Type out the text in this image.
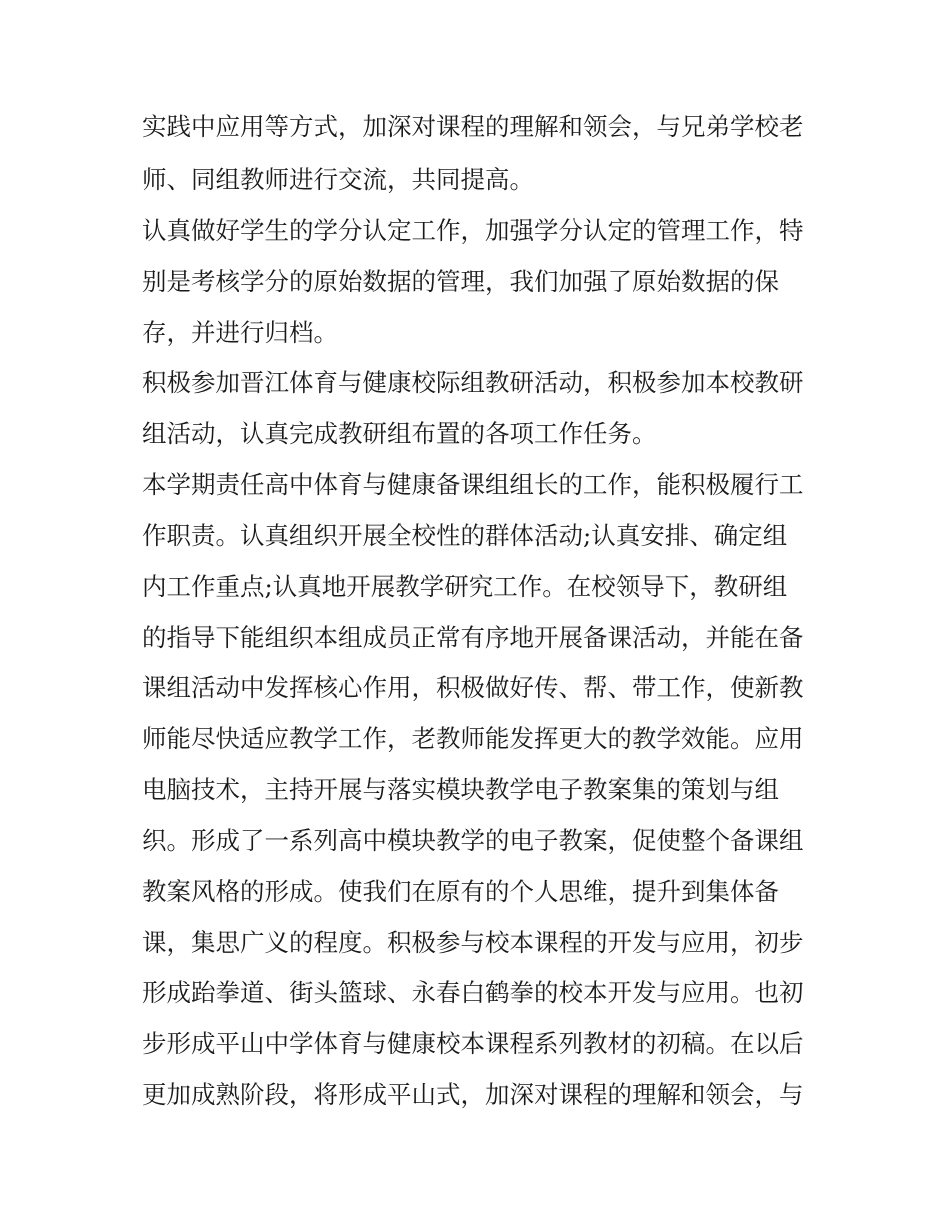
实践中应用等方式，加深对课程的理解和领会，与兄弟学校老
师、同组教师进行交流，共同提高。
认真做好学生的学分认定工作，加强学分认定的管理工作，特
别是考核学分的原始数据的管理，我们加强了原始数据的保
存，并进行归档。
积极参加晋江体育与健康校际组教研活动，积极参加本校教研
组活动，认真完成教研组布置的各项工作任务。
本学期责任高中体育与健康备课组组长的工作，能积极履行工
作职责。认真组织开展全校性的群体活动;认真安排、确定组
内工作重点;认真地开展教学研究工作。在校领导下，教研组
的指导下能组织本组成员正常有序地开展备课活动，并能在备
课组活动中发挥核心作用，积极做好传、帮、带工作，使新教
师能尽快适应教学工作，老教师能发挥更大的教学效能。应用
电脑技术，主持开展与落实模块教学电子教案集的策划与组
织。形成了一系列高中模块教学的电子教案，促使整个备课组
教案风格的形成。使我们在原有的个人思维，提升到集体备
课，集思广义的程度。积极参与校本课程的开发与应用，初步
形成跆拳道、街头篮球、永春白鹤拳的校本开发与应用。也初
步形成平山中学体育与健康校本课程系列教材的初稿。在以后
更加成熟阶段，将形成平山式，加深对课程的理解和领会，与
